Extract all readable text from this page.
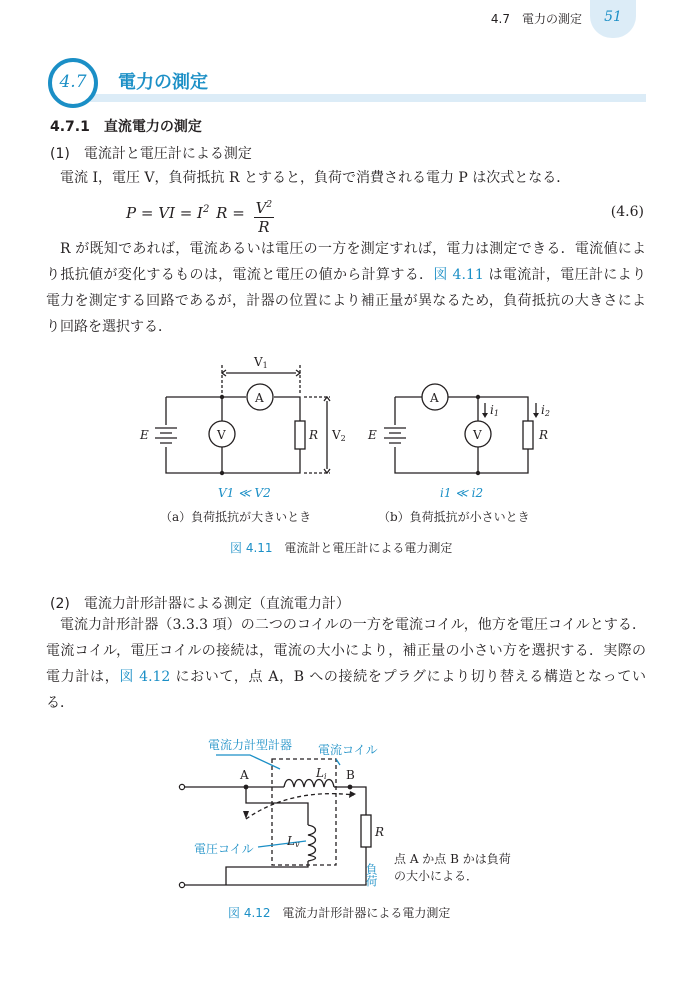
4.7　電力の測定	51
4.7	電力の測定
4.7.1　直流電力の測定
(1)　電流計と電圧計による測定
電流 I，電圧 V，負荷抵抗 R とすると，負荷で消費される電力 P は次式となる．
P = VI = $I^2$ $R = \frac{V^2}{R}$	(4.6)
R が既知であれば，電流あるいは電圧の一方を測定すれば，電力は測定できる．電流値により抵抗値が変化するものは，電流と電圧の値から計算する．図 4.11 は電流計，電圧計により電力を測定する回路であるが，計器の位置により補正量が異なるため，負荷抵抗の大きさにより回路を選択する．
A
V
E	R
V1
V2
A
V
E	R
i1	i2
V1 ≪ V2	i1 ≪ i2
（a）負荷抵抗が大きいとき	（b）負荷抵抗が小さいとき
図 4.11 電流計と電圧計による電力測定
(2)　電流力計形計器による測定（直流電力計）
電流力計形計器（3.3.3 項）の二つのコイルの一方を電流コイル，他方を電圧コイルとする．電流コイル，電圧コイルの接続は，電流の大小により，補正量の小さい方を選択する．実際の電力計は，図 4.12 において，点 A，B への接続をプラグにより切り替える構造となっている．
A	B
Li
Lv
R
点 A か点 B かは負荷
の大小による．
電流力計型計器 電流コイル
電圧コイル
負荷
図 4.12 電流力計形計器による電力測定
